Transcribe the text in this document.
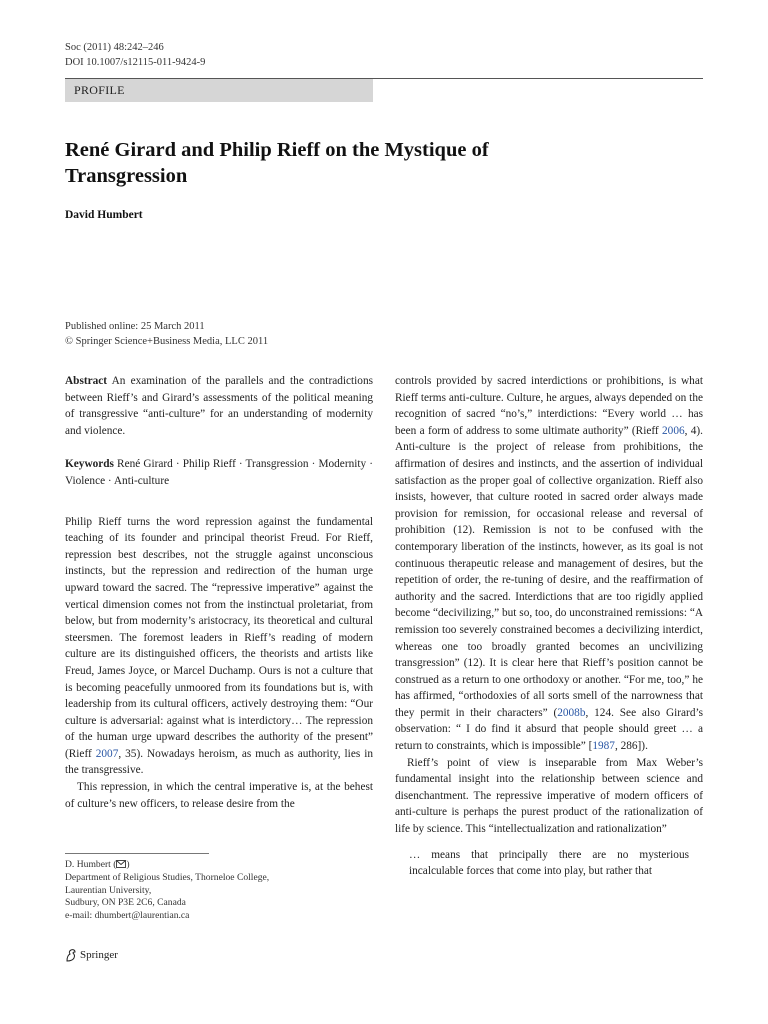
Soc (2011) 48:242–246
DOI 10.1007/s12115-011-9424-9
PROFILE
René Girard and Philip Rieff on the Mystique of Transgression
David Humbert
Published online: 25 March 2011
© Springer Science+Business Media, LLC 2011

Abstract An examination of the parallels and the contradictions between Rieff’s and Girard’s assessments of the political meaning of transgressive “anti-culture” for an understanding of modernity and violence.

Keywords René Girard · Philip Rieff · Transgression · Modernity · Violence · Anti-culture

Philip Rieff turns the word repression against the fundamental teaching of its founder and principal theorist Freud. For Rieff, repression best describes, not the struggle against unconscious instincts, but the repression and redirection of the human urge upward toward the sacred. The “repressive imperative” against the vertical dimension comes not from the instinctual proletariat, from below, but from modernity’s aristocracy, its theoretical and cultural steersmen. The foremost leaders in Rieff’s reading of modern culture are its distinguished officers, the theorists and artists like Freud, James Joyce, or Marcel Duchamp. Ours is not a culture that is becoming peacefully unmoored from its foundations but is, with leadership from its cultural officers, actively destroying them: “Our culture is adversarial: against what is interdictory… The repression of the human urge upward describes the authority of the present” (Rieff 2007, 35). Nowadays heroism, as much as authority, lies in the transgressive.

This repression, in which the central imperative is, at the behest of culture’s new officers, to release desire from the

controls provided by sacred interdictions or prohibitions, is what Rieff terms anti-culture. Culture, he argues, always depended on the recognition of sacred “no’s,” interdictions: “Every world … has been a form of address to some ultimate authority” (Rieff 2006, 4). Anti-culture is the project of release from prohibitions, the affirmation of desires and instincts, and the assertion of individual satisfaction as the proper goal of collective organization. Rieff also insists, however, that culture rooted in sacred order always made provision for remission, for occasional release and reversal of prohibition (12). Remission is not to be confused with the contemporary liberation of the instincts, however, as its goal is not continuous therapeutic release and management of desires, but the repetition of order, the re-tuning of desire, and the reaffirmation of authority and the sacred. Interdictions that are too rigidly applied become “decivilizing,” but so, too, do unconstrained remissions: “A remission too severely constrained becomes a decivilizing interdict, whereas one too broadly granted becomes an uncivilizing transgression” (12). It is clear here that Rieff’s position cannot be construed as a return to one orthodoxy or another. “For me, too,” he has affirmed, “orthodoxies of all sorts smell of the narrowness that they permit in their characters” (2008b, 124. See also Girard’s observation: “ I do find it absurd that people should greet … a return to constraints, which is impossible” [1987, 286]).

Rieff’s point of view is inseparable from Max Weber’s fundamental insight into the relationship between science and disenchantment. The repressive imperative of modern officers of anti-culture is perhaps the purest product of the rationalization of life by science. This “intellectualization and rationalization”

… means that principally there are no mysterious incalculable forces that come into play, but rather that

D. Humbert ( )
Department of Religious Studies, Thorneloe College,
Laurentian University,
Sudbury, ON P3E 2C6, Canada
e-mail: dhumbert@laurentian.ca
Springer
